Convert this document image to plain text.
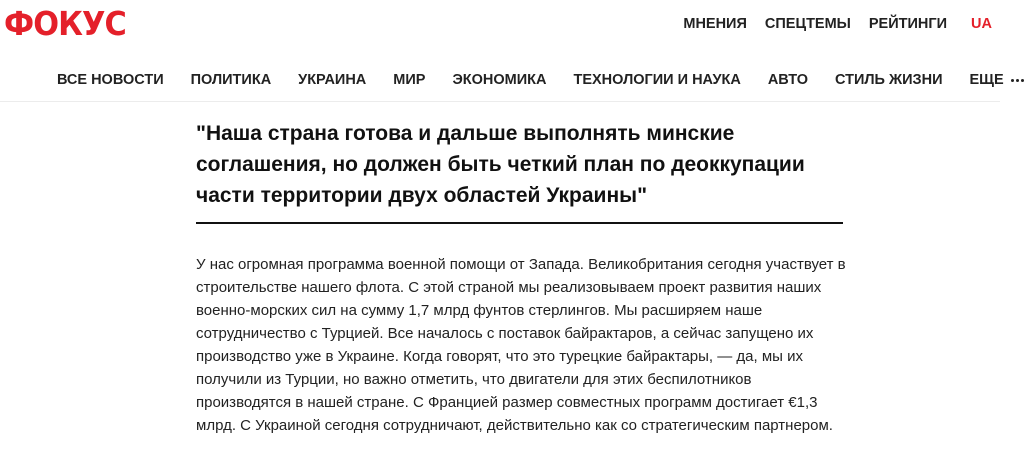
ФОКУС	МНЕНИЯ СПЕЦТЕМЫ РЕЙТИНГИ UA
ВСЕ НОВОСТИ ПОЛИТИКА УКРАИНА МИР ЭКОНОМИКА ТЕХНОЛОГИИ И НАУКА АВТО СТИЛЬ ЖИЗНИ ЕЩЕ
"Наша страна готова и дальше выполнять минские соглашения, но должен быть четкий план по деоккупации части территории двух областей Украины"

У нас огромная программа военной помощи от Запада. Великобритания сегодня участвует в строительстве нашего флота. С этой страной мы реализовываем проект развития наших военно-морских сил на сумму 1,7 млрд фунтов стерлингов. Мы расширяем наше сотрудничество с Турцией. Все началось с поставок байрактаров, а сейчас запущено их производство уже в Украине. Когда говорят, что это турецкие байрактары, — да, мы их получили из Турции, но важно отметить, что двигатели для этих беспилотников производятся в нашей стране. С Францией размер совместных программ достигает €1,3 млрд. С Украиной сегодня сотрудничают, действительно как со стратегическим партнером.
